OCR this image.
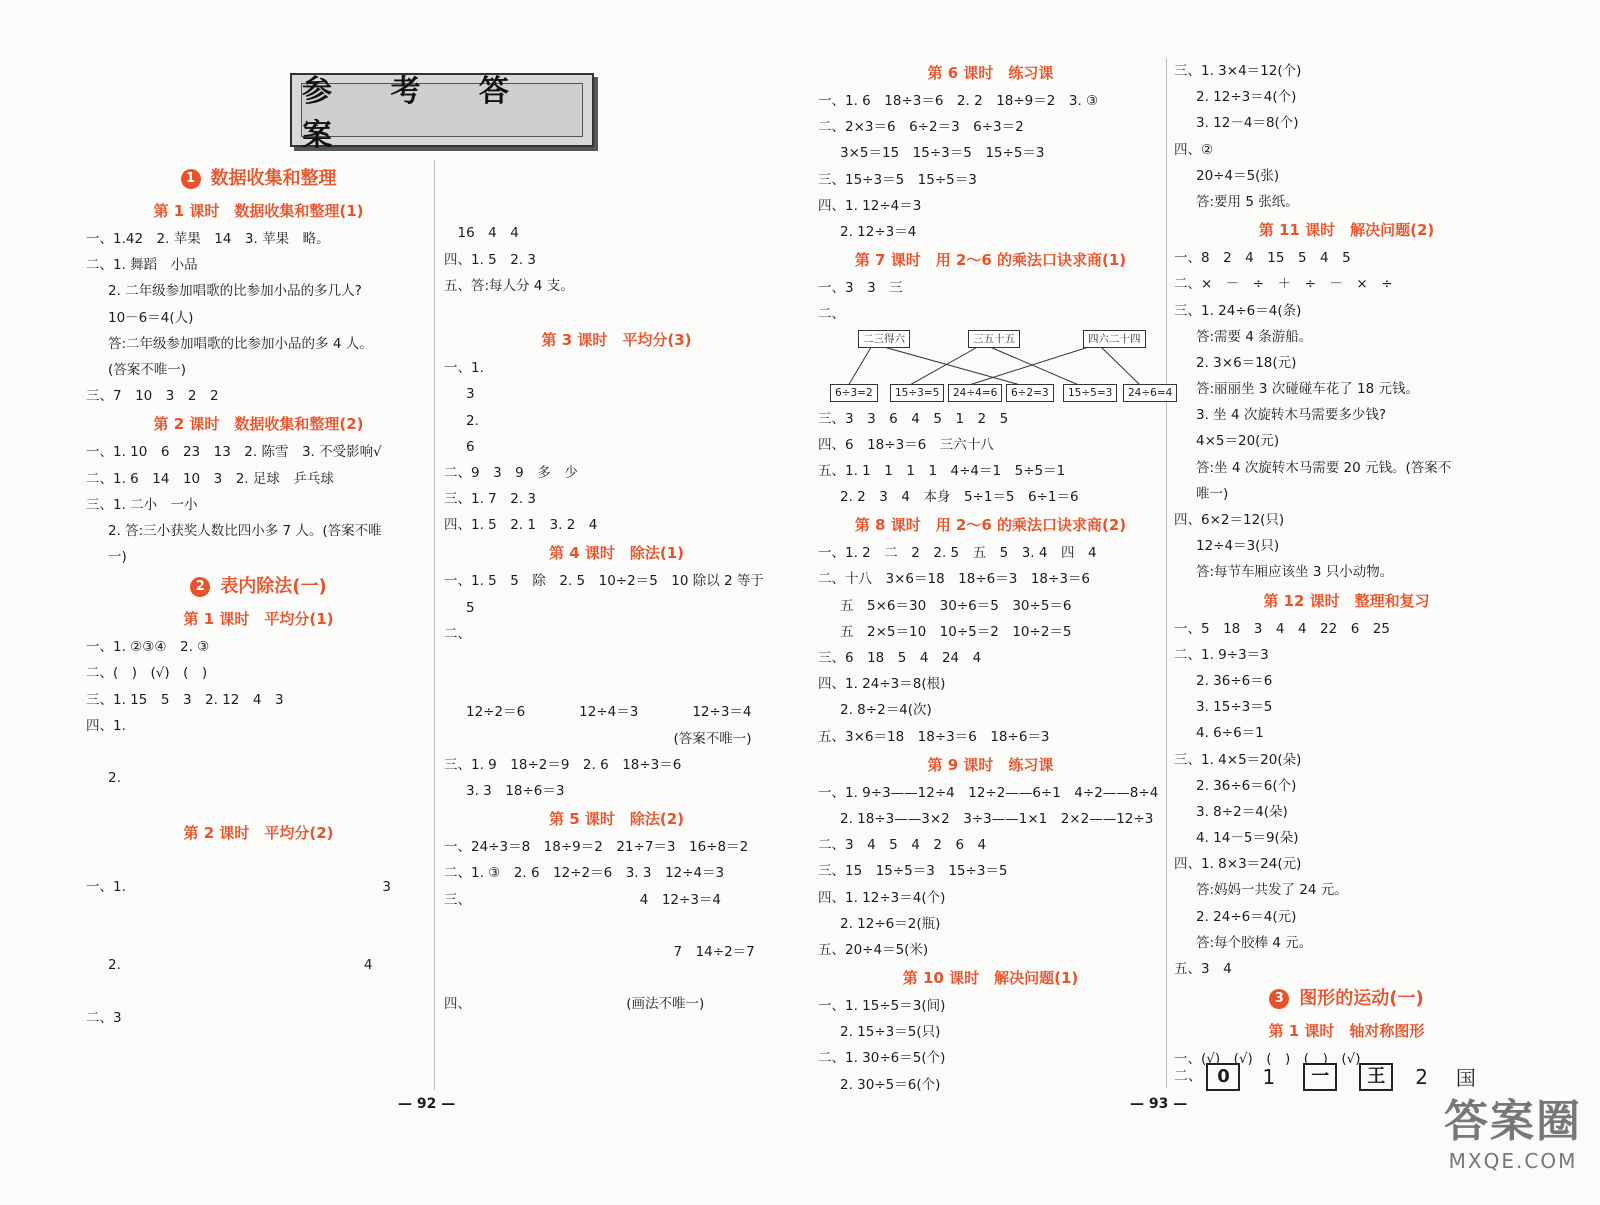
参 考 答 案
1 数据收集和整理
第 1 课时　数据收集和整理(1)
一、1.42　2. 苹果　14　3. 苹果　略。
二、1. 舞蹈　小品
2. 二年级参加唱歌的比参加小品的多几人?
10－6＝4(人)
答:二年级参加唱歌的比参加小品的多 4 人。
(答案不唯一)
三、7　10　3　2　2
第 2 课时　数据收集和整理(2)
一、1. 10　6　23　13　2. 陈雪　3. 不受影响√
二、1. 6　14　10　3　2. 足球　乒乓球
三、1. 二小　一小
2. 答:三小获奖人数比四小多 7 人。(答案不唯
一)
2 表内除法(一)
第 1 课时　平均分(1)
一、1. ②③④　2. ③
二、(　)　(√)　(　)
三、1. 15　5　3　2. 12　4　3
四、1.
2.
第 2 课时　平均分(2)
一、1.　　　　　　　　　　　　　　　　　　　3
2.　　　　　　　　　　　　　　　　　　4
二、3
　16　4　4
四、1. 5　2. 3
五、答:每人分 4 支。
第 3 课时　平均分(3)
一、1.
3
2.
6
二、9　3　9　多　少
三、1. 7　2. 3
四、1. 5　2. 1　3. 2　4
第 4 课时　除法(1)
一、1. 5　5　除　2. 5　10÷2＝5　10 除以 2 等于
5
二、
12÷2＝6　　　　12÷4＝3　　　　12÷3＝4
　　　　　　　　　　　　　　　　　(答案不唯一)
三、1. 9　18÷2＝9　2. 6　18÷3＝6
3. 3　18÷6＝3
第 5 课时　除法(2)
一、24÷3＝8　18÷9＝2　21÷7＝3　16÷8＝2
二、1. ③　2. 6　12÷2＝6　3. 3　12÷4＝3
三、　　　　　　　　　　　　　4　12÷3＝4
　　　　　　　　　　　　　　　　　7　14÷2＝7
四、　　　　　　　　　　　　(画法不唯一)
— 92 —
第 6 课时　练习课
一、1. 6　18÷3＝6　2. 2　18÷9＝2　3. ③
二、2×3＝6　6÷2＝3　6÷3＝2
3×5＝15　15÷3＝5　15÷5＝3
三、15÷3＝5　15÷5＝3
四、1. 12÷4＝3
2. 12÷3＝4
第 7 课时　用 2～6 的乘法口诀求商(1)
一、3　3　三
二、
二三得六	三五十五	四六二十四
6÷3=2	15÷3=5	24÷4=6	6÷2=3	15÷5=3	24÷6=4
三、3　3　6　4　5　1　2　5
四、6　18÷3＝6　三六十八
五、1. 1　1　1　1　4÷4＝1　5÷5＝1
2. 2　3　4　本身　5÷1＝5　6÷1＝6
第 8 课时　用 2～6 的乘法口诀求商(2)
一、1. 2　二　2　2. 5　五　5　3. 4　四　4
二、十八　3×6＝18　18÷6＝3　18÷3＝6
五　5×6＝30　30÷6＝5　30÷5＝6
五　2×5＝10　10÷5＝2　10÷2＝5
三、6　18　5　4　24　4
四、1. 24÷3＝8(根)
2. 8÷2＝4(次)
五、3×6＝18　18÷3＝6　18÷6＝3
第 9 课时　练习课
一、1. 9÷3——12÷4　12÷2——6÷1　4÷2——8÷4
2. 18÷3——3×2　3÷3——1×1　2×2——12÷3
二、3　4　5　4　2　6　4
三、15　15÷5＝3　15÷3＝5
四、1. 12÷3＝4(个)
2. 12÷6＝2(瓶)
五、20÷4＝5(米)
第 10 课时　解决问题(1)
一、1. 15÷5＝3(间)
2. 15÷3＝5(只)
二、1. 30÷6＝5(个)
2. 30÷5＝6(个)
三、1. 3×4＝12(个)
2. 12÷3＝4(个)
3. 12－4＝8(个)
四、②
20÷4＝5(张)
答:要用 5 张纸。
第 11 课时　解决问题(2)
一、8　2　4　15　5　4　5
二、×　－　÷　＋　÷　－　×　÷
三、1. 24÷6＝4(条)
答:需要 4 条游船。
2. 3×6＝18(元)
答:丽丽坐 3 次碰碰车花了 18 元钱。
3. 坐 4 次旋转木马需要多少钱?
4×5＝20(元)
答:坐 4 次旋转木马需要 20 元钱。(答案不
唯一)
四、6×2＝12(只)
12÷4＝3(只)
答:每节车厢应该坐 3 只小动物。
第 12 课时　整理和复习
一、5　18　3　4　4　22　6　25
二、1. 9÷3＝3
2. 36÷6＝6
3. 15÷3＝5
4. 6÷6＝1
三、1. 4×5＝20(朵)
2. 36÷6＝6(个)
3. 8÷2＝4(朵)
4. 14－5＝9(朵)
四、1. 8×3＝24(元)
答:妈妈一共发了 24 元。
2. 24÷6＝4(元)
答:每个胶棒 4 元。
五、3　4
3 图形的运动(一)
第 1 课时　轴对称图形
一、(√)　(√)　(　)　(　)　(√)
二、 0 1 一 王 2 国
— 93 —	答案圈
MXQE.COM
